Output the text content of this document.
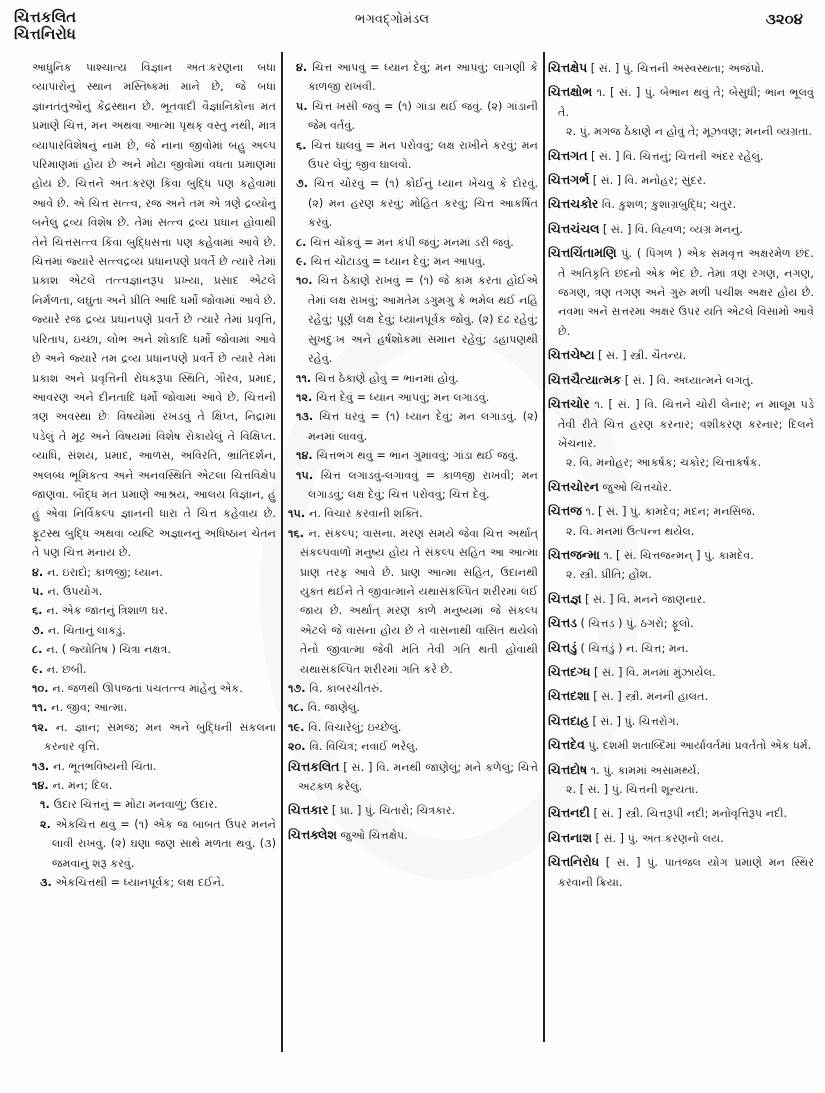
ચિત્તકલિત
ચિત્તનિરોધ
ભગવદ્ગોમંડલ	૩૨૦૪

આધુનિક પાશ્ચાત્ય વિજ્ઞાન અંતઃકરણના બધા વ્યાપારોનું સ્થાન મસ્તિષ્કમાં માને છે, જે બધાં જ્ઞાનતંતુઓનું કેંદ્રસ્થાન છે. ભૂતવાદી વૈજ્ઞાનિકોના મત પ્રમાણે ચિત્ત, મન અથવા આત્મા પૃથક્ વસ્તુ નથી, માત્ર વ્યાપારવિશેષનું નામ છે, જે નાના જીવોમાં બહુ અલ્પ પરિમાણમાં હોય છે અને મોટા જીવોમાં વધતા પ્રમાણમાં હોય છે. ચિત્તને અંતઃકરણ કિંવા બુદ્ધિ પણ કહેવામાં આવે છે. એ ચિત્ત સત્ત્વ, રજ અને તમ એ ત્રણે દ્રવ્યોનું બનેલું દ્રવ્ય વિશેષ છે. તેમાં સત્ત્વ દ્રવ્ય પ્રધાન હોવાથી તેને ચિત્તસત્ત્વ કિંવા બુદ્ધિસત્તા પણ કહેવામાં આવે છે. ચિત્તમાં જ્યારે સત્ત્વદ્રવ્ય પ્રધાનપણે પ્રવર્તે છે ત્યારે તેમાં પ્રકાશ એટલે તત્ત્વજ્ઞાનરૂપ પ્રખ્યા, પ્રસાદ એટલે નિર્મળતા, લઘુતા અને પ્રીતિ આદિ ધર્મો જોવામાં આવે છે. જ્યારે રજ દ્રવ્ય પ્રધાનપણે પ્રવર્તે છે ત્યારે તેમાં પ્રવૃત્તિ, પરિતાપ, ઇચ્છા, લોભ અને શોકાદિ ધર્મો જોવામાં આવે છે અને જ્યારે તમ દ્રવ્ય પ્રધાનપણે પ્રવર્તે છે ત્યારે તેમાં પ્રકાશ અને પ્રવૃત્તિની રોધકરૂપા સ્થિતિ, ગૌરવ, પ્રમાદ, આવરણ અને દીનતાદિ ધર્મો જોવામાં આવે છે. ચિત્તની ત્રણ અવસ્થા છેઃ વિષયોમાં રખડવું તે ક્ષિપ્ત, નિદ્રામાં પડેલું તે મૂઢ અને વિષયમાં વિશેષ રોકાયેલું તે વિક્ષિપ્ત. વ્યાધિ, સંશય, પ્રમાદ, આળસ, અવિરતિ, ભ્રાંતિદર્શન, અલબ્ધ ભૂમિકત્વ અને અનવસ્થિતિ એટલા ચિત્તવિક્ષેપ જાણવા. બૌદ્ધ મત પ્રમાણે આશ્રય, આલય વિજ્ઞાન, હું હું એવા નિર્વિકલ્પ જ્ઞાનની ધારા તે ચિત્ત કહેવાય છે. ફૂટસ્થ બુદ્ધિ અથવા વ્યષ્ટિ અજ્ઞાનનું અધિષ્ઠાન ચેતન તે પણ ચિત્ત મનાય છે.

૪. ન. ઇરાદો; કાળજી; ધ્યાન.

૫. ન. ઉપયોગ.

૬. ન. એક જાતનું ત્રિશાળ ઘર.

૭. ન. ચિતાનું લાકડું.

૮. ન. ( જ્યોતિષ ) ચિત્રા નક્ષત્ર.

૯. ન. છબી.

૧૦. ન. જળથી ઊપજતાં પંચતત્ત્વ માંહેનું એક.

૧૧. ન. જીવ; આત્મા.

૧૨. ન. જ્ઞાન; સમજ; મન અને બુદ્ધિની સંકલના કરનાર વૃત્તિ.

૧૩. ન. ભૂતભવિષ્યની ચિંતા.

૧૪. ન. મન; દિલ.

૧. ઉદાર ચિત્તનું = મોટા મનવાળું; ઉદાર.

૨. એકચિત્ત થવું = (૧) એક જ બાબત ઉપર મનને લાવી રાખવું. (૨) ઘણા જણ સાથે મળતા થવું. (૩) જમવાનું શરૂ કરવું.

૩. એકચિત્તથી = ધ્યાનપૂર્વક; લક્ષ દઈને.

૪. ચિત્ત આપવું = ધ્યાન દેવું; મન આપવું; લાગણી કે કાળજી રાખવી.

૫. ચિત્ત ખસી જવું = (૧) ગાંડા થઈ જવું. (૨) ગાંડાની જેમ વર્તવું.

૬. ચિત્ત ઘાલવું = મન પરોવવું; લક્ષ રાખીને કરવું; મન ઉપર લેવું; જીવ ઘાલવો.

૭. ચિત્ત ચોરવું = (૧) કોઈનું ધ્યાન ખેંચવું કે દોરવું. (૨) મન હરણ કરવું; મોહિત કરવું; ચિત્ત આકર્ષિત કરવું.

૮. ચિત્ત ચોંકવું = મન કંપી જવું; મનમાં ડરી જવું.

૯. ચિત્ત ચોંટાડવું = ધ્યાન દેવું; મન આપવું.

૧૦. ચિત્ત ઠેકાણે રાખવું = (૧) જે કામ કરતા હોઈએ તેમાં લક્ષ રાખવું; આમતેમ ડગુમગુ કે ભમેલ થઈ નહિ રહેવું; પૂર્ણ લક્ષ દેવું; ધ્યાનપૂર્વક જોવું. (૨) દઢ રહેવું; સુખદુઃખ અને હર્ષશોકમાં સમાન રહેવું; ડહાપણથી રહેવું.

૧૧. ચિત્ત ઠેકાણે હોવું = ભાનમાં હોવું.

૧૨. ચિત્ત દેવું = ધ્યાન આપવું; મન લગાડવું.

૧૩. ચિત્ત ધરવું = (૧) ધ્યાન દેવું; મન લગાડવું. (૨) મનમાં લાવવું.

૧૪. ચિત્તભંગ થવું = ભાન ગુમાવવું; ગાંડા થઈ જવું.

૧૫. ચિત્ત લગાડવું-લગાવવું = કાળજી રાખવી; મન લગાડવું; લક્ષ દેવું; ચિત્ત પરોવવું; ચિત્ત દેવું.

૧૫. ન. વિચાર કરવાની શક્તિ.

૧૬. ન. સંકલ્પ; વાસના. મરણ સમયે જેવા ચિત્ત અર્થાત્ સંકલ્પવાળો મનુષ્ય હોય તે સંકલ્પ સહિત આ આત્મા પ્રાણ તરફ આવે છે. પ્રાણ આત્મા સહિત, ઉદાનથી યુક્ત થઈને તે જીવાત્માને યથાસંકલ્પિત શરીરમાં લઈ જાય છે. અર્થાત્ મરણ કાળે મનુષ્યમાં જે સંકલ્પ એટલે જે વાસના હોય છે તે વાસનાથી વાસિત થયેલો તેનો જીવાત્મા જેવી મતિ તેવી ગતિ થતી હોવાથી યથાસંકલ્પિત શરીરમાં ગતિ કરે છે.

૧૭. વિ. કાબરચીતરું.

૧૮. વિ. જાણેલું.

૧૯. વિ. વિચારેલું; ઇચ્છેલું.

૨૦. વિ. વિચિત્ર; નવાઈ ભરેલું.

ચિત્તકલિત [ સં. ] વિ. મનથી જાણેલું; મને કળેલું; ચિત્તે અટકળ કરેલું.
ચિત્તકાર [ પ્રા. ] પું. ચિતારો; ચિત્રકાર.
ચિત્તક્લેશ જુઓ ચિત્તક્ષેપ.
ચિત્તક્ષેપ [ સં. ] પું. ચિત્તની અસ્વસ્થતા; અજંપો.
ચિત્તક્ષોભ ૧. [ સં. ] પું. બેભાન થવું તે; બેસુધી; ભાન ભૂલવું તે.

૨. પું. મગજ ઠેકાણે ન હોવું તે; મૂંઝવણ; મનની વ્યગ્રતા.

ચિત્તગત [ સં. ] વિ. ચિત્તનું; ચિત્તની અંદર રહેલું.
ચિત્તગર્ભ [ સં. ] વિ. મનોહર; સુંદર.
ચિત્તચકોર વિ. કુશળ; કુશાગ્રબુદ્ધિ; ચતુર.
ચિત્તચંચલ [ સં. ] વિ. વિહ્વળ; વ્યગ્ર મનનું.
ચિત્તચિંતામણિ પું. ( પિંગળ ) એક સમવૃત્ત અક્ષરમેળ છંદ. તે અતિકૃતિ છંદનો એક ભેદ છે. તેમાં ત્રણ રગણ, નગણ, જગણ, ત્રણ તગણ અને ગુરુ મળી પચીશ અક્ષર હોય છે. નવમા અને સત્તરમા અક્ષર ઉપર યતિ એટલે વિસામો આવે છે.
ચિત્તચેષ્ટા [ સં. ] સ્ત્રી. ચૈતન્ય.
ચિત્તચૈત્યાત્મક [ સં. ] વિ. અધ્યાત્મને લગતું.
ચિત્તચોર ૧. [ સં. ] વિ. ચિત્તને ચોરી લેનાર; ન માલૂમ પડે તેવી રીતે ચિત્ત હરણ કરનાર; વશીકરણ કરનાર; દિલને ખેંચનાર.

૨. વિ. મનોહર; આકર્ષક; ચકોર; ચિત્તાકર્ષક.

ચિત્તચોરન જુઓ ચિત્તચોર.
ચિત્તજ ૧. [ સં. ] પું. કામદેવ; મદન; મનસિજ.

૨. વિ. મનમાં ઉત્પન્ન થયેલ.

ચિત્તજન્મા ૧. [ સં. ચિત્તજન્મન્ ] પું. કામદેવ.

૨. સ્ત્રી. પ્રીતિ; હોંશ.

ચિત્તજ્ઞ [ સં. ] વિ. મનને જાણનાર.
ચિત્તડ ( ચિત્તડ઼ ) પું. ઠગરો; ફૂલો.
ચિત્તડું ( ચિત્તડું ) ન. ચિત્ત; મન.
ચિત્તદગ્ધ [ સં. ] વિ. મનમાં મુંઝાયેલ.
ચિત્તદશા [ સં. ] સ્ત્રી. મનની હાલત.
ચિત્તદાહ [ સં. ] પું. ચિત્તરોગ.
ચિત્તદેવ પું. દશમી શતાબ્દિમાં આર્યાવર્તમાં પ્રવર્તતો એક ધર્મ.
ચિત્તદોષ ૧. પું. કામમાં અસામર્થ્ય.

૨. [ સં. ] પું. ચિત્તની શૂન્યતા.

ચિત્તનદી [ સં. ] સ્ત્રી. ચિત્તરૂપી નદી; મનોવૃત્તિરૂપ નદી.
ચિત્તનાશ [ સં. ] પું. અંતઃકરણનો લય.
ચિત્તનિરોધ [ સં. ] પું. પાતંજલ યોગ પ્રમાણે મન સ્થિર કરવાની ક્રિયા.
